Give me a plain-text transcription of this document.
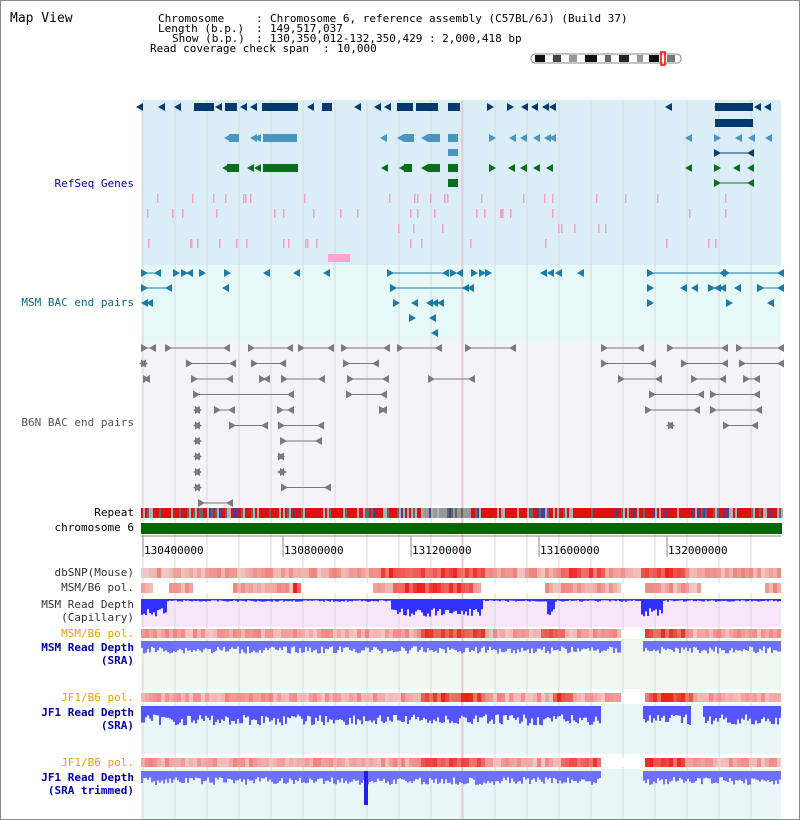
Map View	Chromosome	: Chromosome 6, reference assembly (C57BL/6J) (Build 37)
Length (b.p.) : 149,517,037
Show (b.p.) : 130,350,012-132,350,429 : 2,000,418 bp
Read coverage check span : 10,000
130400000	130800000	131200000	131600000	132000000
RefSeq Genes
MSM BAC end pairs
B6N BAC end pairs
Repeat
chromosome 6
dbSNP(Mouse)
MSM/B6 pol.
MSM Read Depth
(Capillary)
MSM/B6 pol.
MSM Read Depth
(SRA)
JF1/B6 pol.
JF1 Read Depth
(SRA)
JF1/B6 pol.
JF1 Read Depth
(SRA trimmed)
